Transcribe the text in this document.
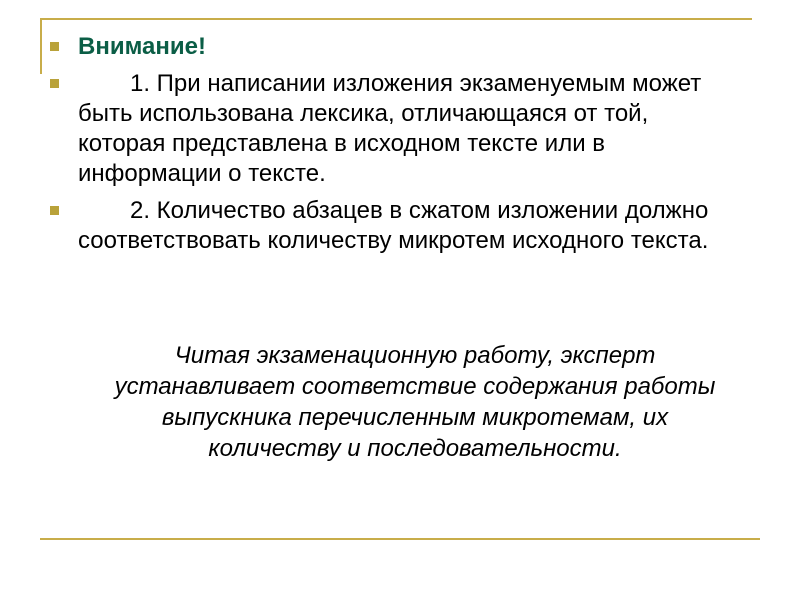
Внимание!
1. При написании изложения экзаменуемым может быть использована лексика, отличающаяся от той, которая представлена в исходном тексте или в информации о тексте.
2. Количество абзацев в сжатом изложении должно соответствовать количеству микротем исходного текста.
Читая экзаменационную работу, эксперт устанавливает соответствие содержания работы выпускника перечисленным микротемам, их количеству и последовательности.
